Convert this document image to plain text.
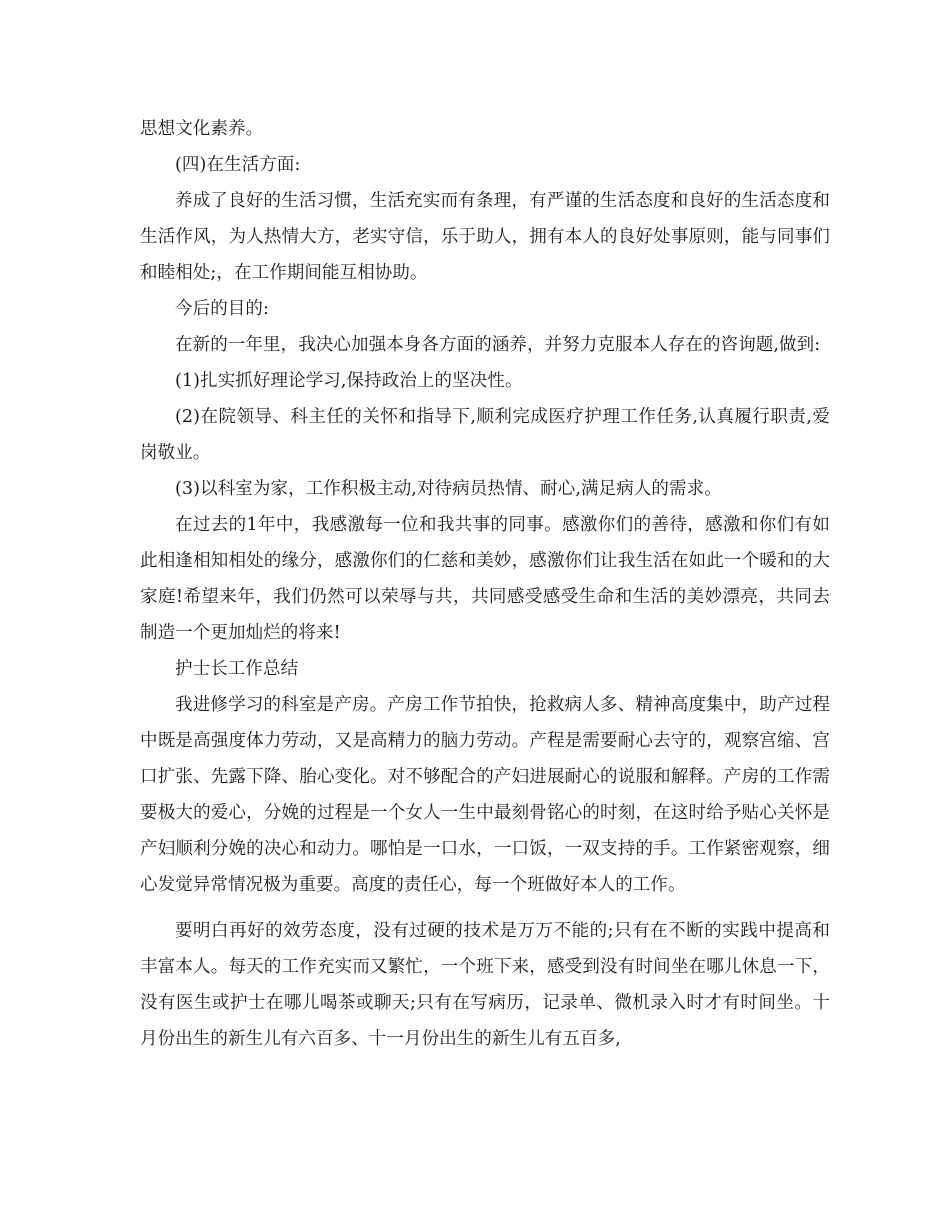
思想文化素养。

(四)在生活方面:

养成了良好的生活习惯，生活充实而有条理，有严谨的生活态度和良好的生活态度和生活作风，为人热情大方，老实守信，乐于助人，拥有本人的良好处事原则，能与同事们和睦相处;，在工作期间能互相协助。

今后的目的:

在新的一年里，我决心加强本身各方面的涵养，并努力克服本人存在的咨询题,做到:

(1)扎实抓好理论学习,保持政治上的坚决性。

(2)在院领导、科主任的关怀和指导下,顺利完成医疗护理工作任务,认真履行职责,爱岗敬业。

(3)以科室为家，工作积极主动,对待病员热情、耐心,满足病人的需求。

在过去的1年中，我感激每一位和我共事的同事。感激你们的善待，感激和你们有如此相逢相知相处的缘分，感激你们的仁慈和美妙，感激你们让我生活在如此一个暖和的大家庭!希望来年，我们仍然可以荣辱与共，共同感受感受生命和生活的美妙漂亮，共同去制造一个更加灿烂的将来!

护士长工作总结

我进修学习的科室是产房。产房工作节拍快，抢救病人多、精神高度集中，助产过程中既是高强度体力劳动，又是高精力的脑力劳动。产程是需要耐心去守的，观察宫缩、宫口扩张、先露下降、胎心变化。对不够配合的产妇进展耐心的说服和解释。产房的工作需要极大的爱心，分娩的过程是一个女人一生中最刻骨铭心的时刻，在这时给予贴心关怀是产妇顺利分娩的决心和动力。哪怕是一口水，一口饭，一双支持的手。工作紧密观察，细心发觉异常情况极为重要。高度的责任心，每一个班做好本人的工作。

要明白再好的效劳态度，没有过硬的技术是万万不能的;只有在不断的实践中提高和丰富本人。每天的工作充实而又繁忙，一个班下来，感受到没有时间坐在哪儿休息一下，没有医生或护士在哪儿喝茶或聊天;只有在写病历，记录单、微机录入时才有时间坐。十月份出生的新生儿有六百多、十一月份出生的新生儿有五百多,
